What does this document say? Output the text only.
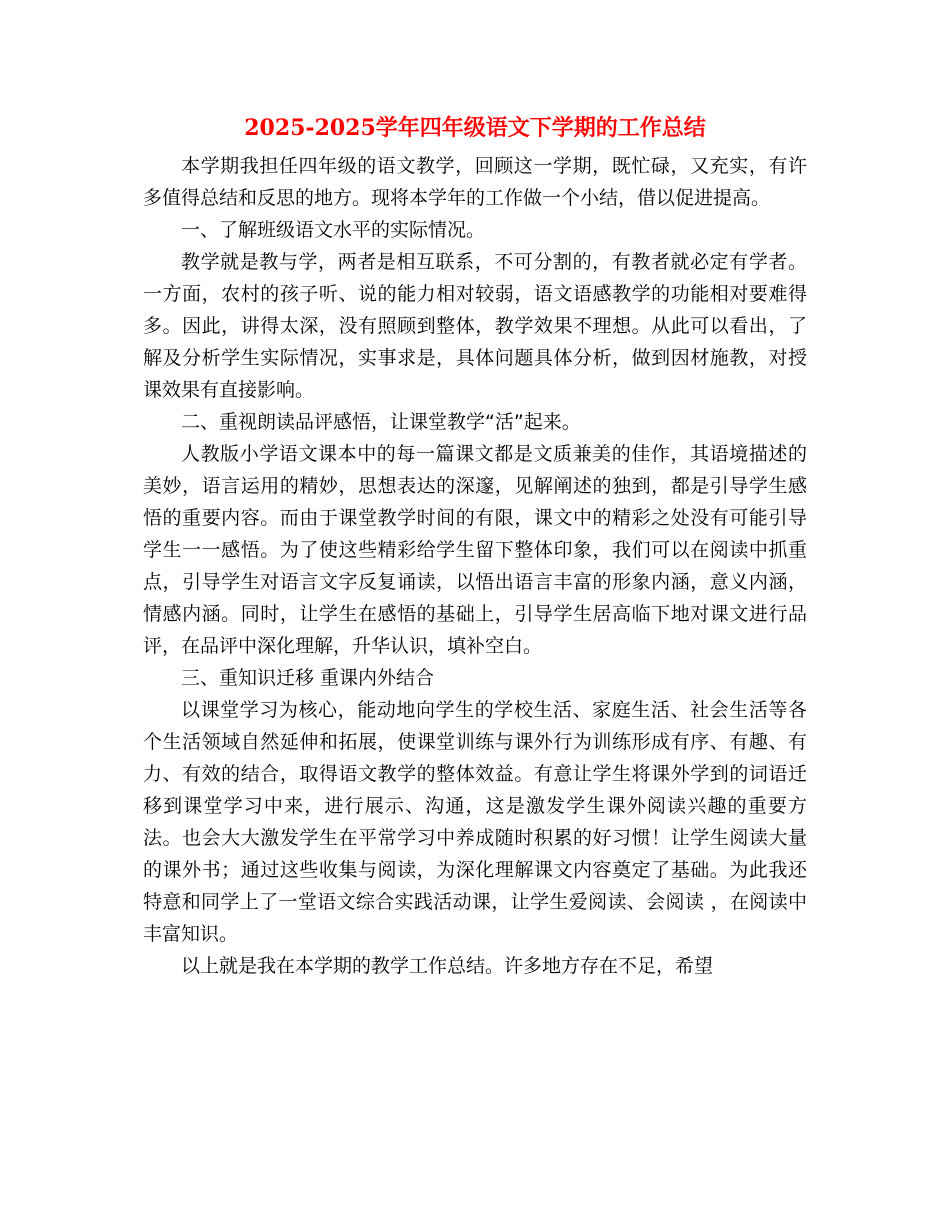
2025-2025学年四年级语文下学期的工作总结

本学期我担任四年级的语文教学，回顾这一学期，既忙碌，又充实，有许多值得总结和反思的地方。现将本学年的工作做一个小结，借以促进提高。

一、了解班级语文水平的实际情况。

教学就是教与学，两者是相互联系，不可分割的，有教者就必定有学者。一方面，农村的孩子听、说的能力相对较弱，语文语感教学的功能相对要难得多。因此，讲得太深，没有照顾到整体，教学效果不理想。从此可以看出，了解及分析学生实际情况，实事求是，具体问题具体分析，做到因材施教，对授课效果有直接影响。

二、重视朗读品评感悟，让课堂教学“活”起来。

人教版小学语文课本中的每一篇课文都是文质兼美的佳作，其语境描述的美妙，语言运用的精妙，思想表达的深邃，见解阐述的独到，都是引导学生感悟的重要内容。而由于课堂教学时间的有限，课文中的精彩之处没有可能引导学生一一感悟。为了使这些精彩给学生留下整体印象，我们可以在阅读中抓重点，引导学生对语言文字反复诵读，以悟出语言丰富的形象内涵，意义内涵，情感内涵。同时，让学生在感悟的基础上，引导学生居高临下地对课文进行品评，在品评中深化理解，升华认识，填补空白。

三、重知识迁移 重课内外结合

以课堂学习为核心，能动地向学生的学校生活、家庭生活、社会生活等各个生活领域自然延伸和拓展，使课堂训练与课外行为训练形成有序、有趣、有力、有效的结合，取得语文教学的整体效益。有意让学生将课外学到的词语迁移到课堂学习中来，进行展示、沟通，这是激发学生课外阅读兴趣的重要方法。也会大大激发学生在平常学习中养成随时积累的好习惯！让学生阅读大量的课外书；通过这些收集与阅读，为深化理解课文内容奠定了基础。为此我还特意和同学上了一堂语文综合实践活动课，让学生爱阅读、会阅读 ，在阅读中丰富知识。

以上就是我在本学期的教学工作总结。许多地方存在不足，希望
